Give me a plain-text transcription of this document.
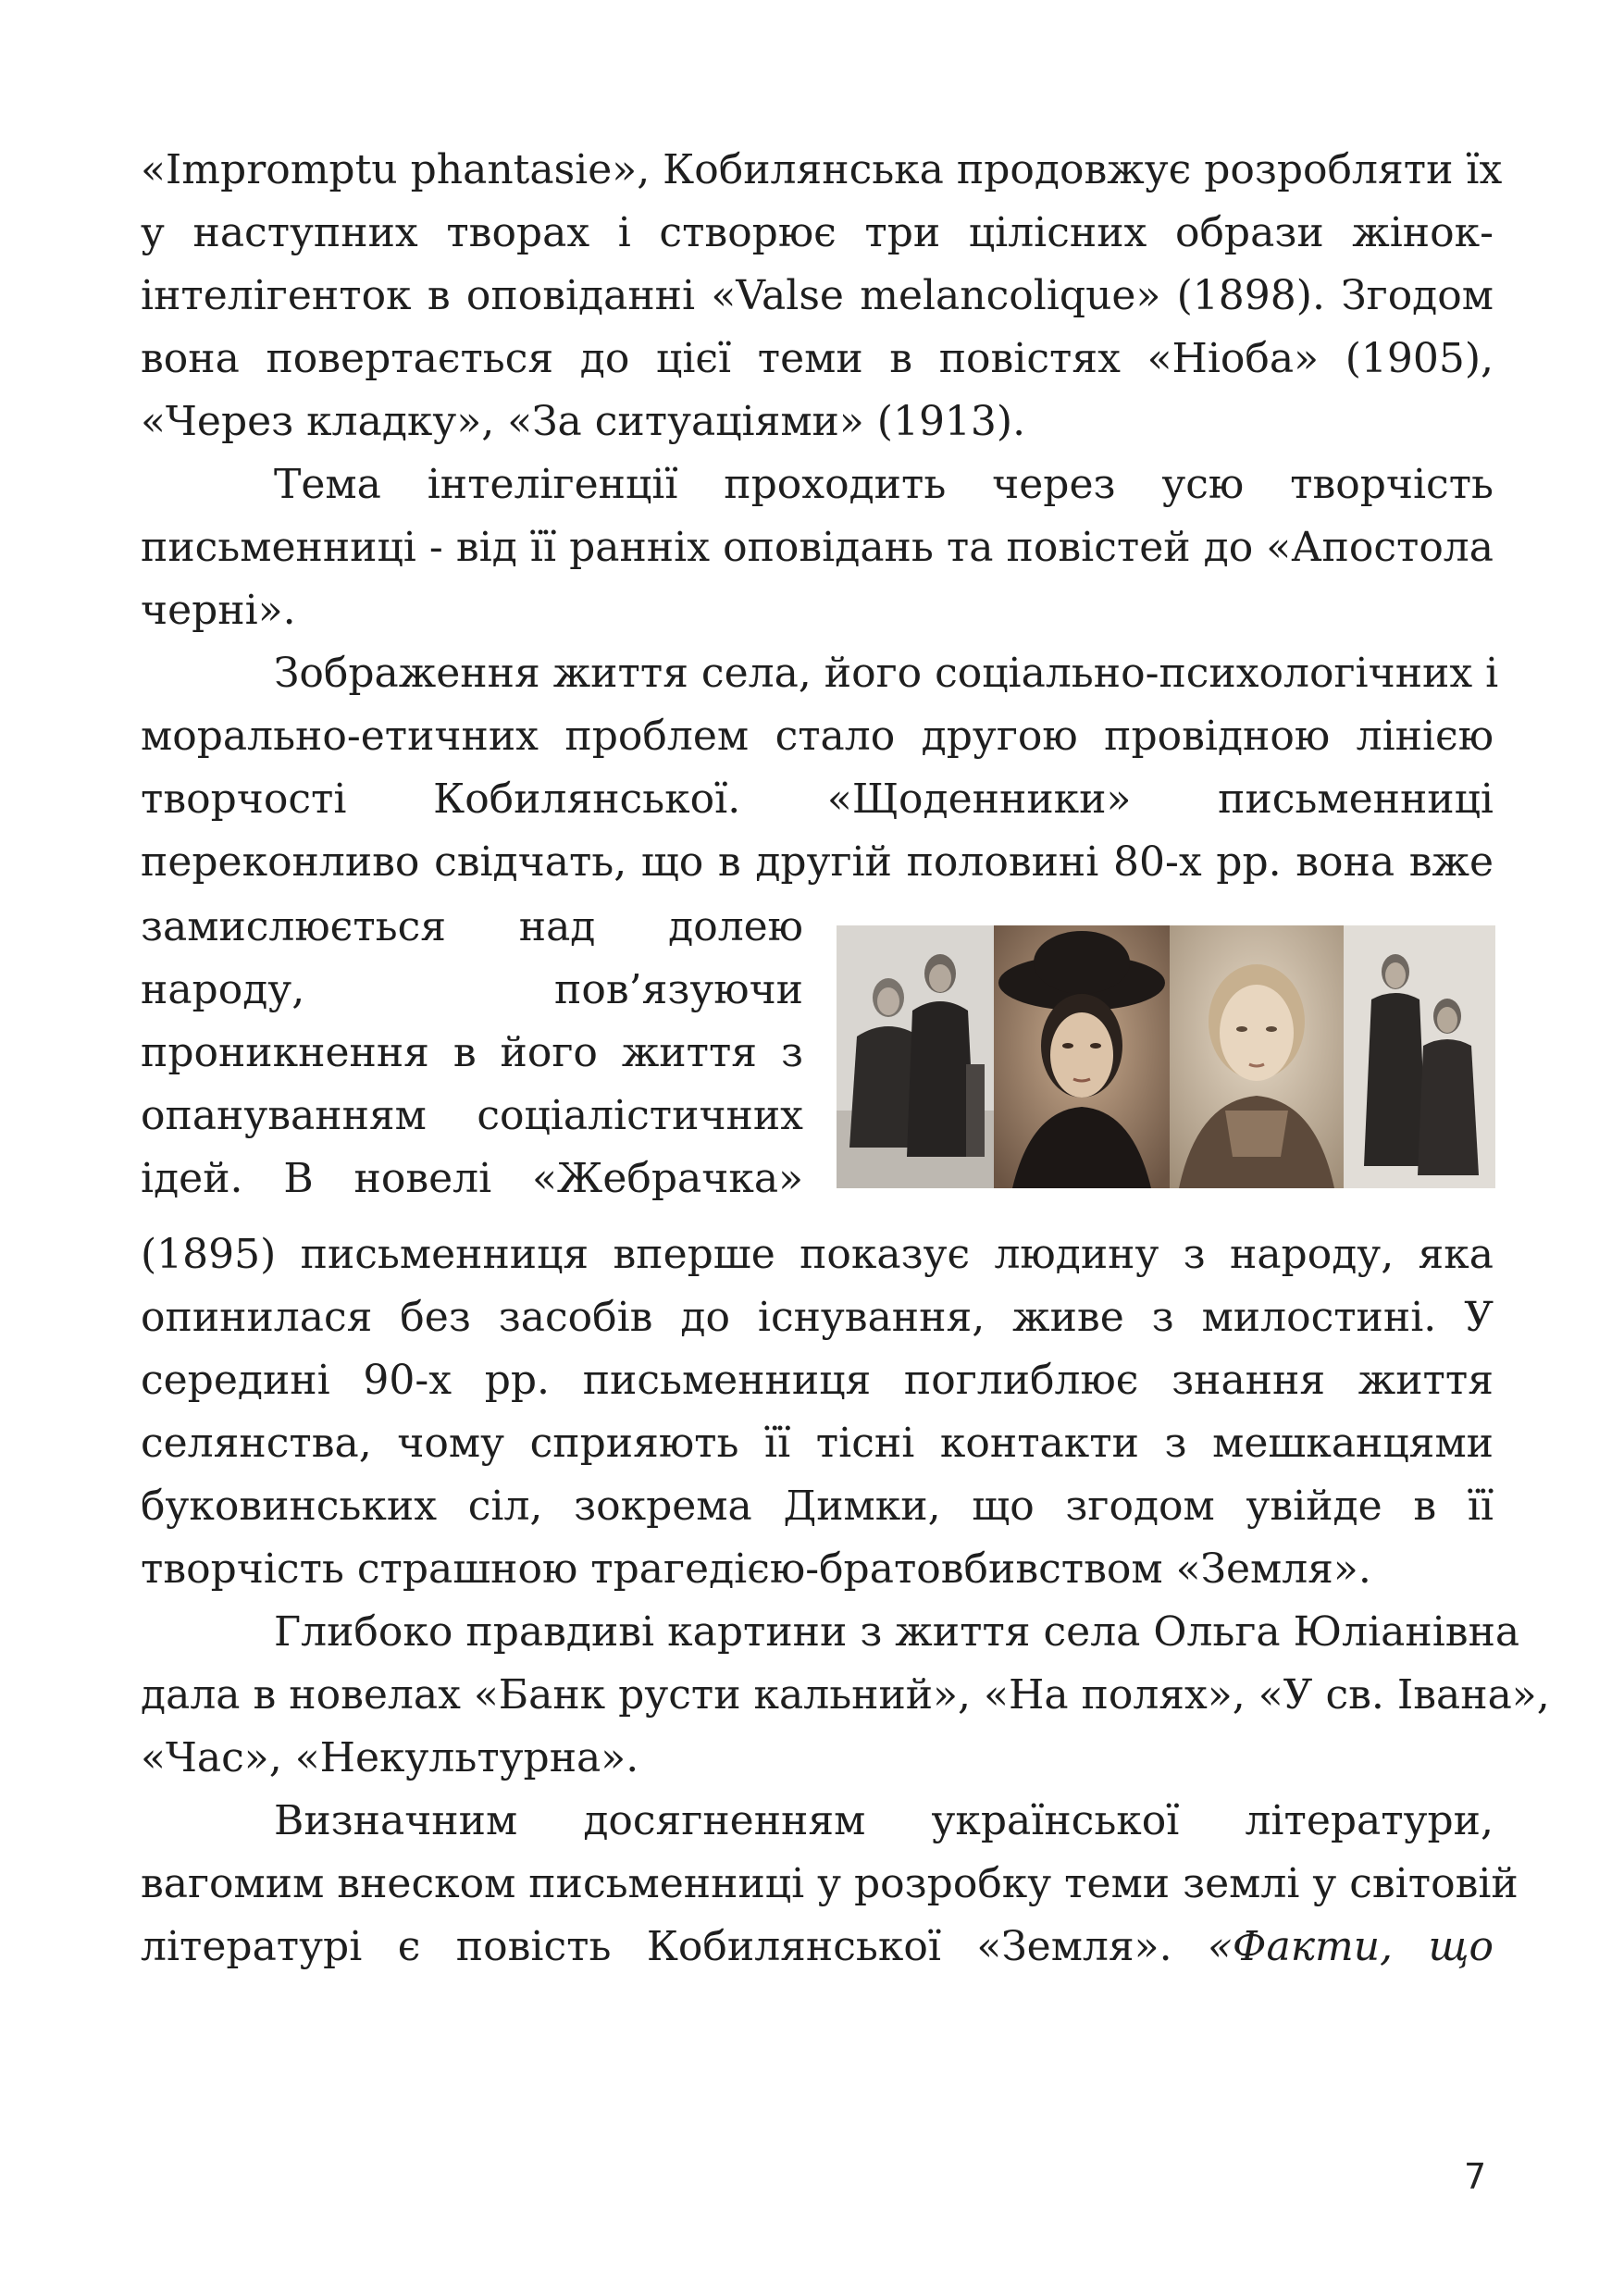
«Impromptu phantasie», Кобилянська продовжує розробляти їх
у наступних творах і створює три цілісних образи жінок-
інтелігенток в оповіданні «Valse melancolique» (1898). Згодом
вона повертається до цієї теми в повістях «Ніоба» (1905),
«Через кладку», «За ситуаціями» (1913).

Тема інтелігенції проходить через усю творчість
письменниці - від її ранніх оповідань та повістей до «Апостола
черні».

Зображення життя села, його соціально-психологічних і
морально-етичних проблем стало другою провідною лінією
творчості Кобилянської. «Щоденники» письменниці
переконливо свідчать, що в другій половині 80-х рр. вона вже

замислюється над долею
народу, пов’язуючи
проникнення в його життя з
опануванням соціалістичних
ідей. В новелі «Жебрачка»

(1895) письменниця вперше показує людину з народу, яка
опинилася без засобів до існування, живе з милостині. У
середині 90-х рр. письменниця поглиблює знання життя
селянства, чому сприяють її тісні контакти з мешканцями
буковинських сіл, зокрема Димки, що згодом увійде в її
творчість страшною трагедією-братовбивством «Земля».

Глибоко правдиві картини з життя села Ольга Юліанівна
дала в новелах «Банк русти кальний», «На полях», «У св. Івана»,
«Час», «Некультурна».

Визначним досягненням української літератури,
вагомим внеском письменниці у розробку теми землі у світовій
літературі є повість Кобилянської «Земля». «Факти, що

7
